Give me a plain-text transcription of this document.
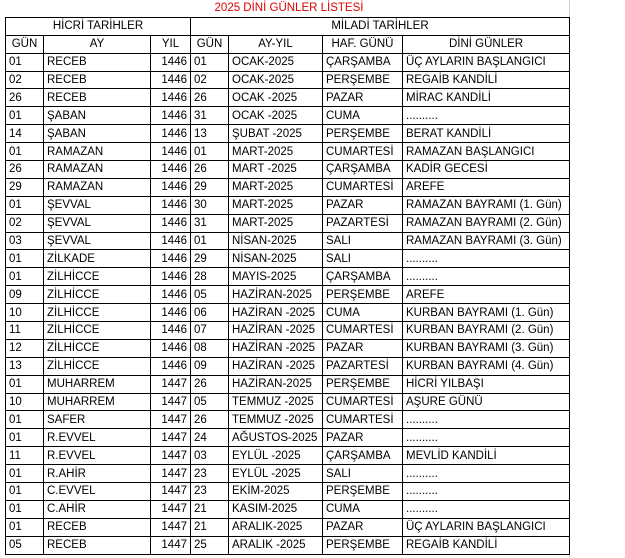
2025 DİNİ GÜNLER LİSTESİ						
HİCRİ TARİHLER			MİLADİ TARİHLER			
GÜN	AY	YIL	GÜN	AY-YIL	HAF. GÜNÜ	DİNİ GÜNLER
01	RECEB	1446	01	OCAK-2025	ÇARŞAMBA	ÜÇ AYLARIN BAŞLANGICI
02	RECEB	1446	02	OCAK-2025	PERŞEMBE	REGAİB KANDİLİ
26	RECEB	1446	26	OCAK -2025	PAZAR	MİRAC KANDİLİ
01	ŞABAN	1446	31	OCAK -2025	CUMA	..........
14	ŞABAN	1446	13	ŞUBAT -2025	PERŞEMBE	BERAT KANDİLİ
01	RAMAZAN	1446	01	MART-2025	CUMARTESİ	RAMAZAN BAŞLANGICI
26	RAMAZAN	1446	26	MART -2025	ÇARŞAMBA	KADİR GECESİ
29	RAMAZAN	1446	29	MART-2025	CUMARTESİ	AREFE
01	ŞEVVAL	1446	30	MART-2025	PAZAR	RAMAZAN BAYRAMI (1. Gün)
02	ŞEVVAL	1446	31	MART-2025	PAZARTESİ	RAMAZAN BAYRAMI (2. Gün)
03	ŞEVVAL	1446	01	NİSAN-2025	SALI	RAMAZAN BAYRAMI (3. Gün)
01	ZİLKADE	1446	29	NİSAN-2025	SALI	..........
01	ZİLHİCCE	1446	28	MAYIS-2025	ÇARŞAMBA	..........
09	ZİLHİCCE	1446	05	HAZİRAN-2025	PERŞEMBE	AREFE
10	ZİLHİCCE	1446	06	HAZİRAN -2025	CUMA	KURBAN BAYRAMI (1. Gün)
11	ZİLHİCCE	1446	07	HAZİRAN -2025	CUMARTESİ	KURBAN BAYRAMI (2. Gün)
12	ZİLHİCCE	1446	08	HAZİRAN -2025	PAZAR	KURBAN BAYRAMI (3. Gün)
13	ZİLHİCCE	1446	09	HAZİRAN -2025	PAZARTESİ	KURBAN BAYRAMI (4. Gün)
01	MUHARREM	1447	26	HAZİRAN-2025	PERŞEMBE	HİCRİ YILBAŞI
10	MUHARREM	1447	05	TEMMUZ -2025	CUMARTESİ	AŞURE GÜNÜ
01	SAFER	1447	26	TEMMUZ -2025	CUMARTESİ	..........
01	R.EVVEL	1447	24	AĞUSTOS-2025	PAZAR	..........
11	R.EVVEL	1447	03	EYLÜL -2025	ÇARŞAMBA	MEVLİD KANDİLİ
01	R.AHİR	1447	23	EYLÜL -2025	SALI	..........
01	C.EVVEL	1447	23	EKİM-2025	PERŞEMBE	..........
01	C.AHİR	1447	21	KASIM-2025	CUMA	..........
01	RECEB	1447	21	ARALIK-2025	PAZAR	ÜÇ AYLARIN BAŞLANGICI
05	RECEB	1447	25	ARALIK -2025	PERŞEMBE	REGAİB KANDİLİ
